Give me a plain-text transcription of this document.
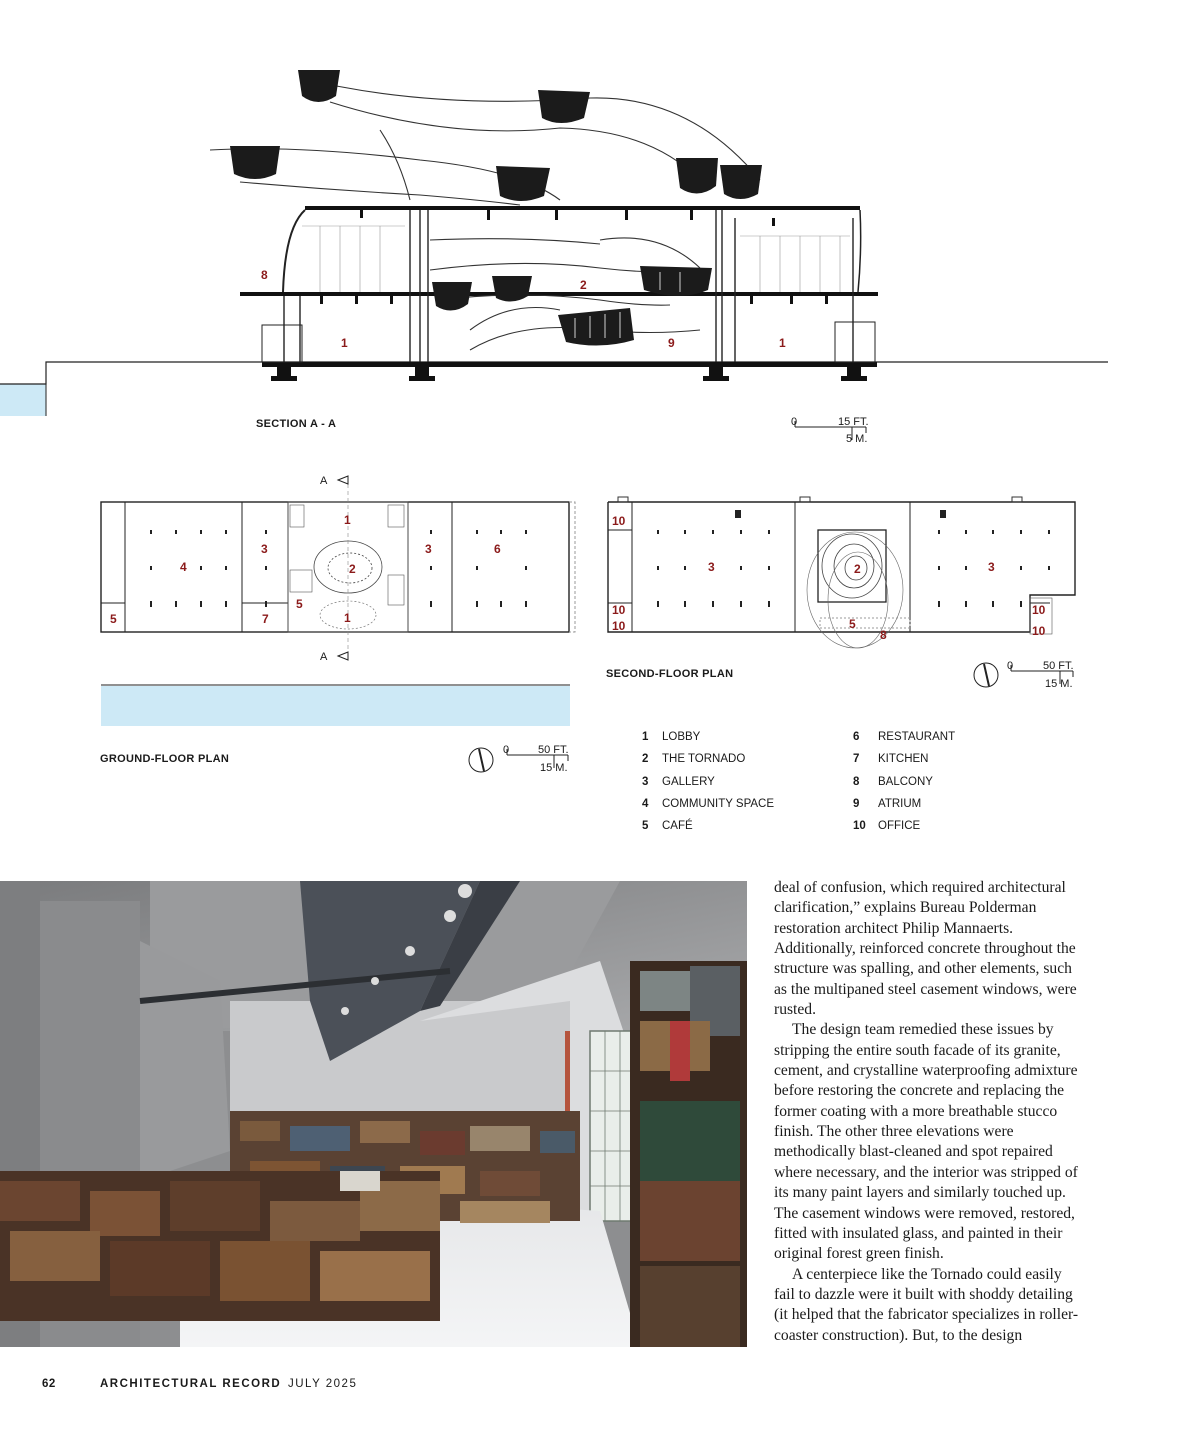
8
2
1	9	1
0	15 FT.
5 M.
SECTION A - A
A
A
1
3	3	6
4	2
5
5
7	1
0	50 FT.
15 M.
GROUND-FLOOR PLAN
10
3	2	3
10
10	5
8
10
10
0	50 FT.
15 M.
SECOND-FLOOR PLAN
1	LOBBY
2	THE TORNADO
3	GALLERY
4	COMMUNITY SPACE
5	CAFÉ
6	RESTAURANT
7	KITCHEN
8	BALCONY
9	ATRIUM
10	OFFICE

deal of confusion, which required architectural clarification,” explains Bureau Polderman restoration architect Philip Mannaerts. Additionally, reinforced concrete throughout the structure was spalling, and other elements, such as the multipaned steel casement windows, were rusted.

The design team remedied these issues by stripping the entire south facade of its granite, cement, and crystalline waterproofing admixture before restoring the concrete and replacing the former coating with a more breathable stucco finish. The other three elevations were methodically blast-cleaned and spot repaired where necessary, and the interior was stripped of its many paint layers and similarly touched up. The casement windows were removed, restored, fitted with insulated glass, and painted in their original forest green finish.

A centerpiece like the Tornado could easily fail to dazzle were it built with shoddy detailing (it helped that the fabricator specializes in roller-coaster construction). But, to the design

62	ARCHITECTURAL RECORD JULY 2025
